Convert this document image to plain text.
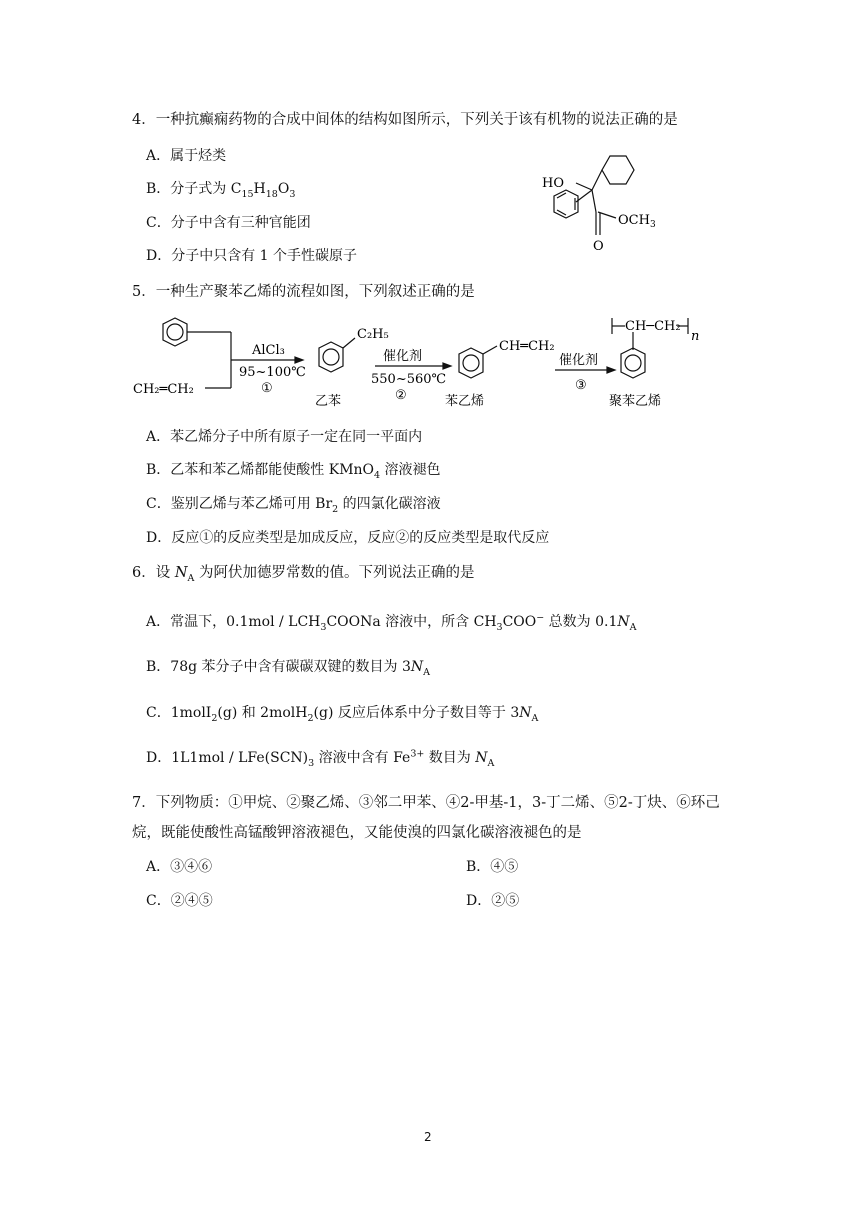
4．一种抗癫痫药物的合成中间体的结构如图所示，下列关于该有机物的说法正确的是
A．属于烃类
B．分子式为 $C_{15}H_{18}O_3$
C．分子中含有三种官能团
D．分子中只含有 1 个手性碳原子
HO
$OCH_3$
O
5．一种生产聚苯乙烯的流程如图，下列叙述正确的是
CH₂═CH₂
AlCl₃
95~100℃
①
C₂H₅
乙苯
催化剂
550~560℃
②
CH═CH₂
苯乙烯
催化剂
③
CH─CH₂
n
聚苯乙烯
A．苯乙烯分子中所有原子一定在同一平面内
B．乙苯和苯乙烯都能使酸性 KMnO$_4$ 溶液褪色
C．鉴别乙烯与苯乙烯可用 $Br_2$ 的四氯化碳溶液
D．反应①的反应类型是加成反应，反应②的反应类型是取代反应
6．设 $N_A$ 为阿伏加德罗常数的值。下列说法正确的是
A．常温下，$0.1mol / LCH_3COONa$ 溶液中，所含 $CH_3COO^-$ 总数为 $0.1N_A$
B．78g 苯分子中含有碳碳双键的数目为 $3N_A$
C．1molI$_2$(g) 和 2molH$_2$(g) 反应后体系中分子数目等于 $3N_A$
D．$1L1mol / LFe(SCN)_3$ 溶液中含有 $Fe^{3+}$ 数目为 $N_A$
7．下列物质：①甲烷、②聚乙烯、③邻二甲苯、④2-甲基-1，3-丁二烯、⑤2-丁炔、⑥环己
烷，既能使酸性高锰酸钾溶液褪色，又能使溴的四氯化碳溶液褪色的是
A．③④⑥	B．④⑤
C．②④⑤	D．②⑤
2
